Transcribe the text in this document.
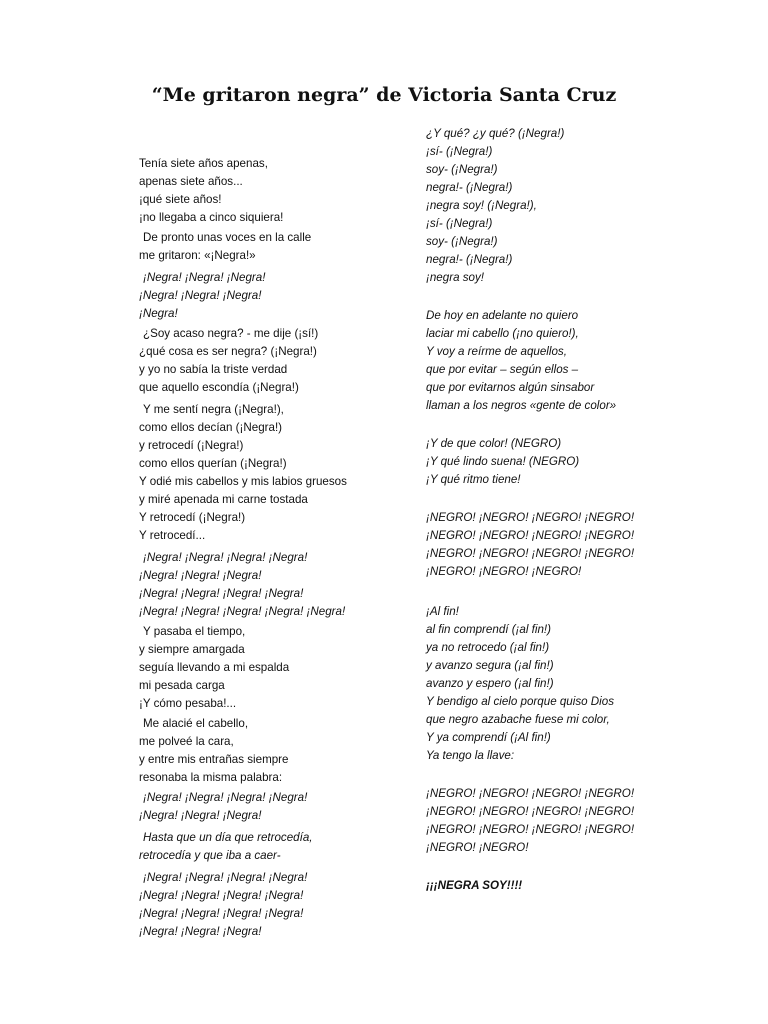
“Me gritaron negra” de Victoria Santa Cruz
Tenía siete años apenas,
apenas siete años...
¡qué siete años!
¡no llegaba a cinco siquiera!
De pronto unas voces en la calle
me gritaron: «¡Negra!»
¡Negra! ¡Negra! ¡Negra!
¡Negra! ¡Negra! ¡Negra!
¡Negra!
¿Soy acaso negra? - me dije (¡sí!)
¿qué cosa es ser negra? (¡Negra!)
y yo no sabía la triste verdad
que aquello escondía (¡Negra!)
Y me sentí negra (¡Negra!),
como ellos decían (¡Negra!)
y retrocedí (¡Negra!)
como ellos querían (¡Negra!)
Y odié mis cabellos y mis labios gruesos
y miré apenada mi carne tostada
Y retrocedí (¡Negra!)
Y retrocedí...
¡Negra! ¡Negra! ¡Negra! ¡Negra!
¡Negra! ¡Negra! ¡Negra!
¡Negra! ¡Negra! ¡Negra! ¡Negra!
¡Negra! ¡Negra! ¡Negra! ¡Negra! ¡Negra!
Y pasaba el tiempo,
y siempre amargada
seguía llevando a mi espalda
mi pesada carga
¡Y cómo pesaba!...
Me alacié el cabello,
me polveé la cara,
y entre mis entrañas siempre
resonaba la misma palabra:
¡Negra! ¡Negra! ¡Negra! ¡Negra!
¡Negra! ¡Negra! ¡Negra!
Hasta que un día que retrocedía,
retrocedía y que iba a caer-
¡Negra! ¡Negra! ¡Negra! ¡Negra!
¡Negra! ¡Negra! ¡Negra! ¡Negra!
¡Negra! ¡Negra! ¡Negra! ¡Negra!
¡Negra! ¡Negra! ¡Negra!
¿Y qué? ¿y qué? (¡Negra!)
¡sí- (¡Negra!)
soy- (¡Negra!)
negra!- (¡Negra!)
¡negra soy! (¡Negra!),
¡sí- (¡Negra!)
soy- (¡Negra!)
negra!- (¡Negra!)
¡negra soy!
De hoy en adelante no quiero
laciar mi cabello (¡no quiero!),
Y voy a reírme de aquellos,
que por evitar – según ellos –
que por evitarnos algún sinsabor
llaman a los negros «gente de color»
¡Y de que color! (NEGRO)
¡Y qué lindo suena! (NEGRO)
¡Y qué ritmo tiene!
¡NEGRO! ¡NEGRO! ¡NEGRO! ¡NEGRO!
¡NEGRO! ¡NEGRO! ¡NEGRO! ¡NEGRO!
¡NEGRO! ¡NEGRO! ¡NEGRO! ¡NEGRO!
¡NEGRO! ¡NEGRO! ¡NEGRO!
¡Al fin!
al fin comprendí (¡al fin!)
ya no retrocedo (¡al fin!)
y avanzo segura (¡al fin!)
avanzo y espero (¡al fin!)
Y bendigo al cielo porque quiso Dios
que negro azabache fuese mi color,
Y ya comprendí (¡Al fin!)
Ya tengo la llave:
¡NEGRO! ¡NEGRO! ¡NEGRO! ¡NEGRO!
¡NEGRO! ¡NEGRO! ¡NEGRO! ¡NEGRO!
¡NEGRO! ¡NEGRO! ¡NEGRO! ¡NEGRO!
¡NEGRO! ¡NEGRO!
¡¡¡NEGRA SOY!!!!
